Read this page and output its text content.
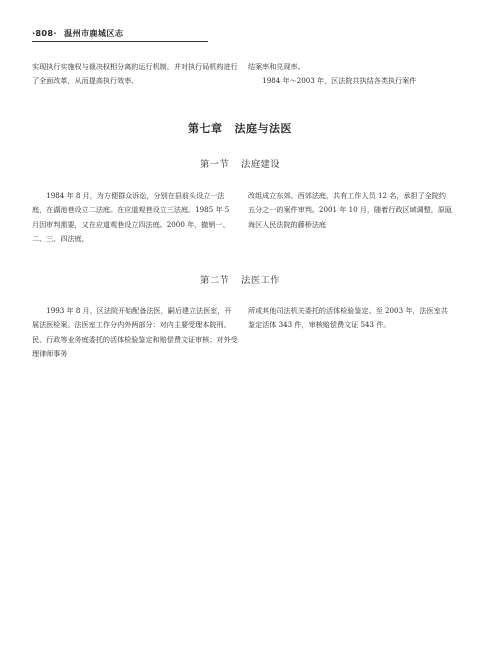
·808· 温州市鹿城区志

实现执行实施权与裁决权相分离的运行机制，并对执行局机构进行了全面改革，从而提高执行效率、

结案率和兑现率。

1984 年～2003 年，区法院共执结各类执行案件

第七章 法庭与法医
第一节 法庭建设

1984 年 8 月，为方便群众诉讼，分别在县前头设立一法庭，在湖池巷设立二法庭。在应道观巷设立三法庭。1985 年 5 月因审判需要，又在应道观巷设立四法庭。2000 年，撤销一、二、三、四法庭，

改组成立东郊、西郊法庭，共有工作人员 12 名，承担了全院约五分之一的案件审判。2001 年 10 月，随着行政区域调整，原瓯海区人民法院的藤桥法庭

第二节 法医工作

1993 年 8 月，区法院开始配备法医，嗣后建立法医室，开展法医检案。法医室工作分内外两部分：对内主要受理本院刑、民、行政等业务庭委托的活体检验鉴定和赔偿费文证审核；对外受理律师事务

所或其他司法机关委托的活体检验鉴定。至 2003 年，法医室共鉴定活体 343 件，审核赔偿费文证 543 件。
